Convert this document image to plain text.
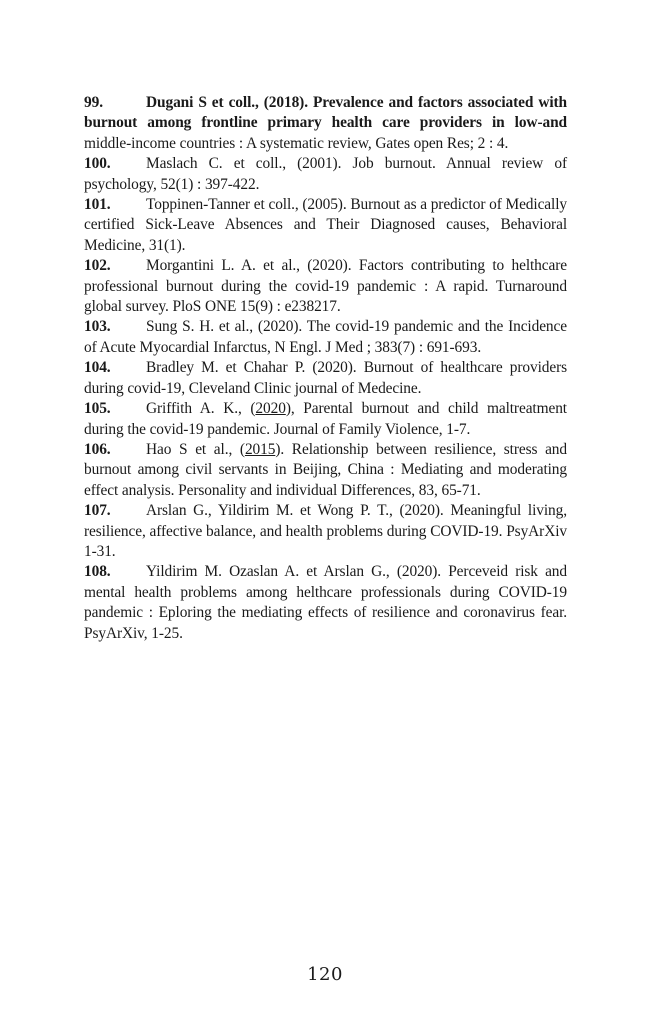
99.	Dugani S et coll., (2018). Prevalence and factors associated with burnout among frontline primary health care providers in low-and middle-income countries : A systematic review, Gates open Res; 2 : 4.

100. Maslach C. et coll., (2001). Job burnout. Annual review of psychology, 52(1) : 397-422.

101. Toppinen-Tanner et coll., (2005). Burnout as a predictor of Medically certified Sick-Leave Absences and Their Diagnosed causes, Behavioral Medicine, 31(1).

102. Morgantini L. A. et al., (2020). Factors contributing to helthcare professional burnout during the covid-19 pandemic : A rapid. Turnaround global survey. PloS ONE 15(9) : e238217.

103. Sung S. H. et al., (2020). The covid-19 pandemic and the Incidence of Acute Myocardial Infarctus, N Engl. J Med ; 383(7) : 691-693.

104. Bradley M. et Chahar P. (2020). Burnout of healthcare providers during covid-19, Cleveland Clinic journal of Medecine.

105. Griffith A. K., (2020), Parental burnout and child maltreatment during the covid-19 pandemic. Journal of Family Violence, 1-7.

106. Hao S et al., (2015). Relationship between resilience, stress and burnout among civil servants in Beijing, China : Mediating and moderating effect analysis. Personality and individual Differences, 83, 65-71.

107. Arslan G., Yildirim M. et Wong P. T., (2020). Meaningful living, resilience, affective balance, and health problems during COVID-19. PsyArXiv 1-31.

108. Yildirim M. Ozaslan A. et Arslan G., (2020). Perceveid risk and mental health problems among helthcare professionals during COVID-19 pandemic : Eploring the mediating effects of resilience and coronavirus fear. PsyArXiv, 1-25.

120
